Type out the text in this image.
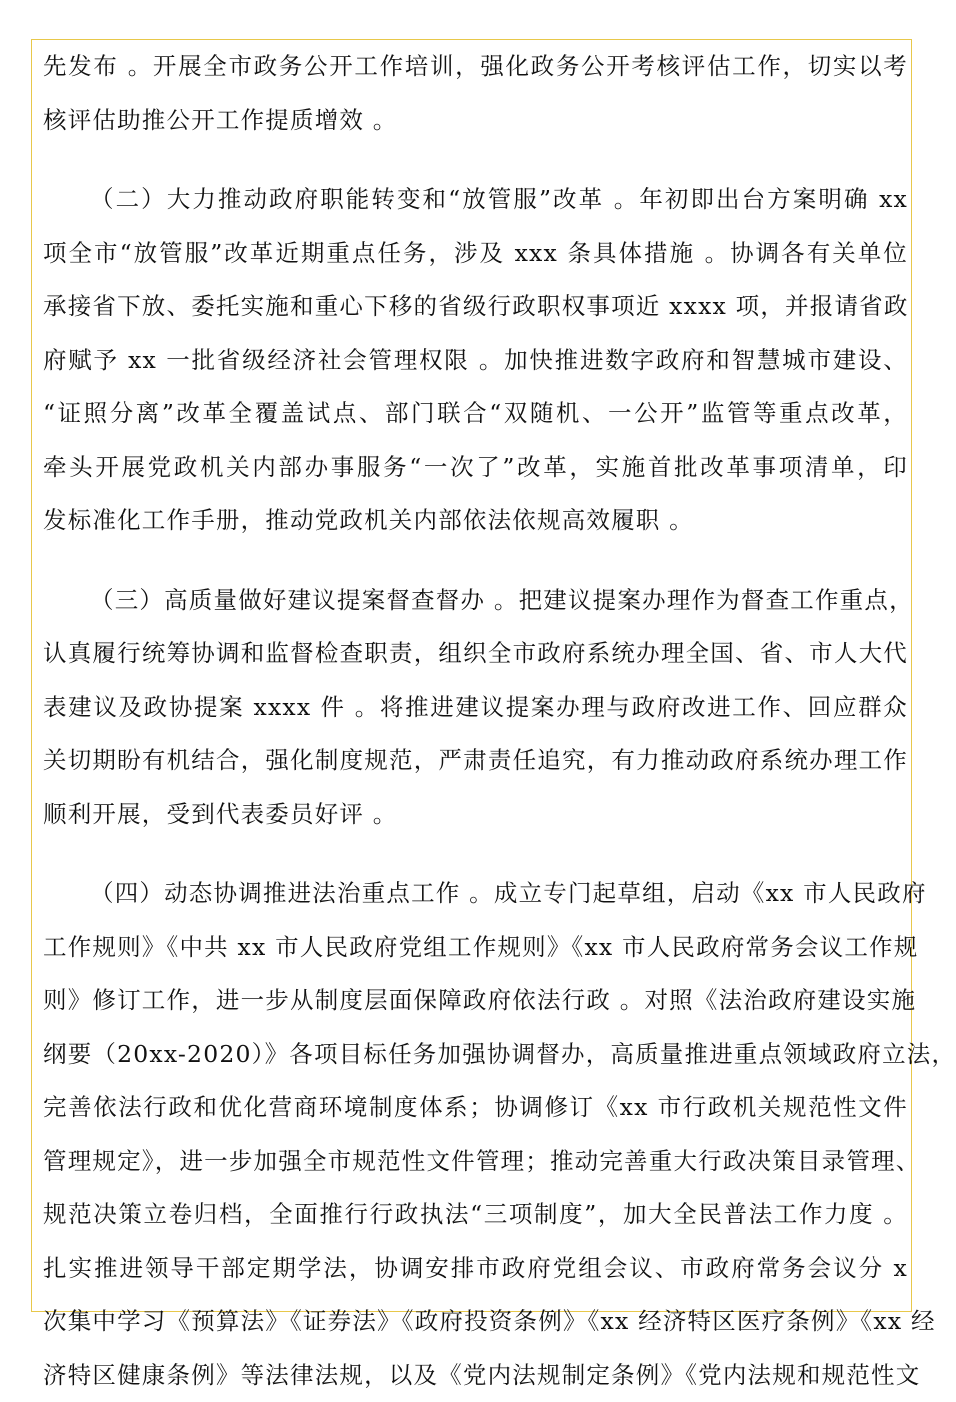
先发布 。开展全市政务公开工作培训，强化政务公开考核评估工作，切实以考
核评估助推公开工作提质增效 。
（二）大力推动政府职能转变和“放管服”改革 。年初即出台方案明确 xx
项全市“放管服”改革近期重点任务，涉及 xxx 条具体措施 。协调各有关单位
承接省下放、委托实施和重心下移的省级行政职权事项近 xxxx 项，并报请省政
府赋予 xx 一批省级经济社会管理权限 。加快推进数字政府和智慧城市建设、
“证照分离”改革全覆盖试点、部门联合“双随机、一公开”监管等重点改革，
牵头开展党政机关内部办事服务“一次了”改革，实施首批改革事项清单，印
发标准化工作手册，推动党政机关内部依法依规高效履职 。
（三）高质量做好建议提案督查督办 。把建议提案办理作为督查工作重点，
认真履行统筹协调和监督检查职责，组织全市政府系统办理全国、省、市人大代
表建议及政协提案 xxxx 件 。将推进建议提案办理与政府改进工作、回应群众
关切期盼有机结合，强化制度规范，严肃责任追究，有力推动政府系统办理工作
顺利开展，受到代表委员好评 。
（四）动态协调推进法治重点工作 。成立专门起草组，启动《xx 市人民政府
工作规则》《中共 xx 市人民政府党组工作规则》《xx 市人民政府常务会议工作规
则》修订工作，进一步从制度层面保障政府依法行政 。对照《法治政府建设实施
纲要（20xx-2020）》各项目标任务加强协调督办，高质量推进重点领域政府立法，
完善依法行政和优化营商环境制度体系；协调修订《xx 市行政机关规范性文件
管理规定》，进一步加强全市规范性文件管理；推动完善重大行政决策目录管理、
规范决策立卷归档，全面推行行政执法“三项制度”，加大全民普法工作力度 。
扎实推进领导干部定期学法，协调安排市政府党组会议、市政府常务会议分 x
次集中学习《预算法》《证券法》《政府投资条例》《xx 经济特区医疗条例》《xx 经
济特区健康条例》等法律法规，以及《党内法规制定条例》《党内法规和规范性文
